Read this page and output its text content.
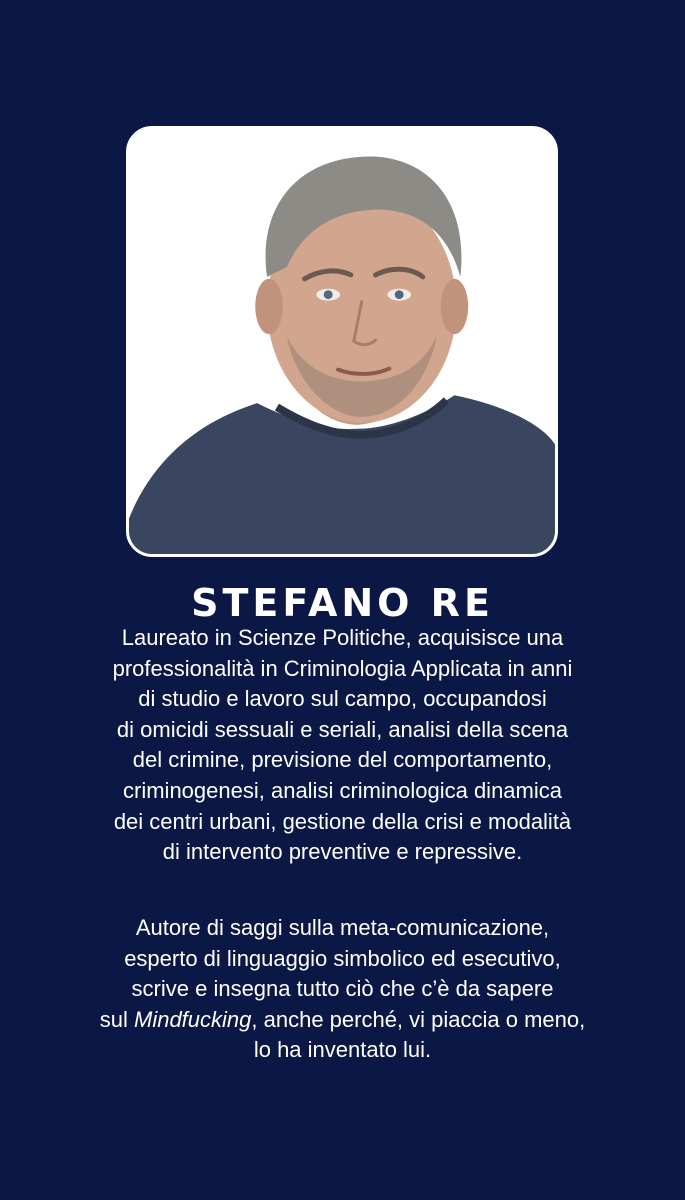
STEFANO RE

Laureato in Scienze Politiche, acquisisce una
professionalità in Criminologia Applicata in anni
di studio e lavoro sul campo, occupandosi
di omicidi sessuali e seriali, analisi della scena
del crimine, previsione del comportamento,
criminogenesi, analisi criminologica dinamica
dei centri urbani, gestione della crisi e modalità
di intervento preventive e repressive.

Autore di saggi sulla meta-comunicazione,
esperto di linguaggio simbolico ed esecutivo,
scrive e insegna tutto ciò che c’è da sapere
sul Mindfucking, anche perché, vi piaccia o meno,
lo ha inventato lui.
